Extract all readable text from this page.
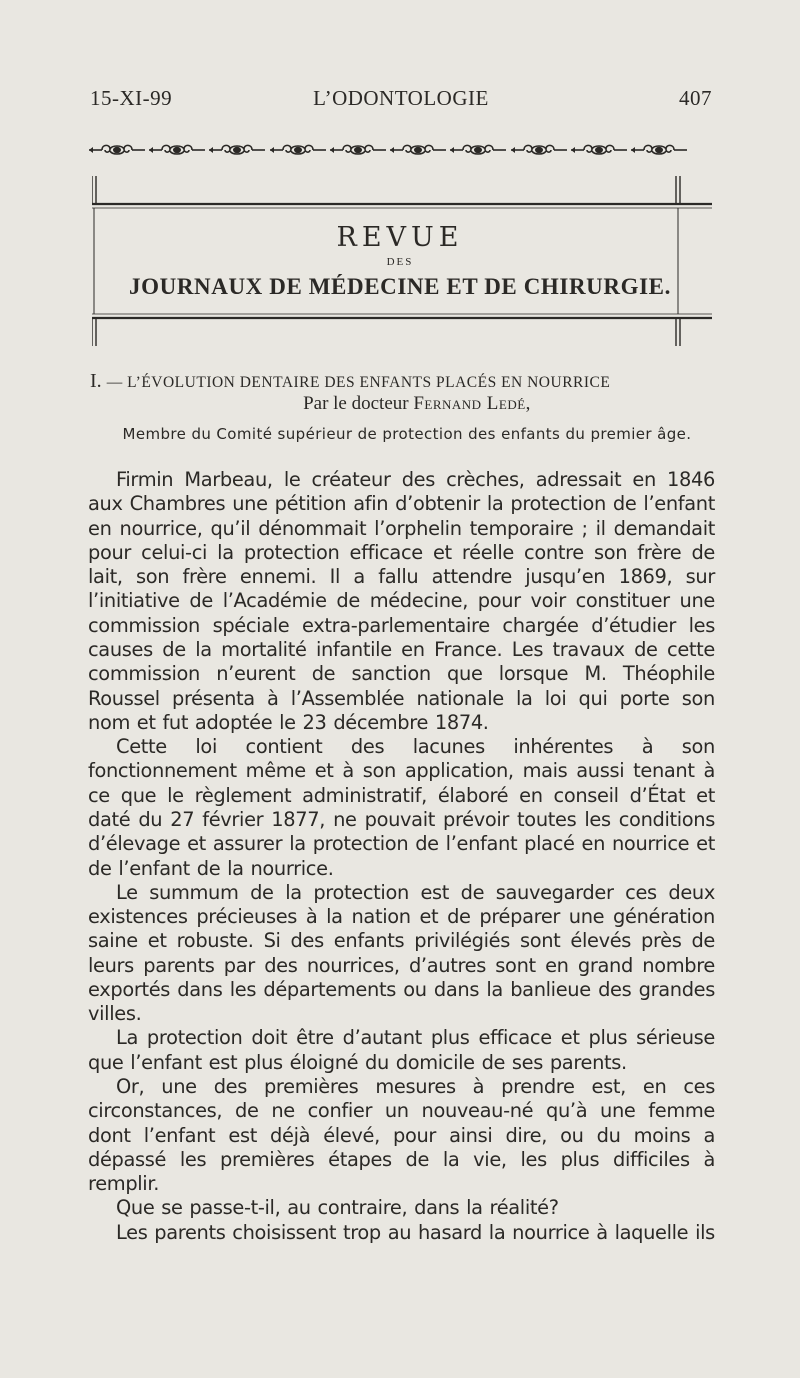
15-XI-99	L’ODONTOLOGIE	407
REVUE
DES
JOURNAUX DE MÉDECINE ET DE CHIRURGIE.
I. — L’ÉVOLUTION DENTAIRE DES ENFANTS PLACÉS EN NOURRICE
Par le docteur Fernand Ledé,
Membre du Comité supérieur de protection des enfants du premier âge.

Firmin Marbeau, le créateur des crèches, adressait en 1846 aux Chambres une pétition afin d’obtenir la protection de l’enfant en nourrice, qu’il dénommait l’orphelin temporaire ; il demandait pour celui-ci la protection efficace et réelle contre son frère de lait, son frère ennemi. Il a fallu attendre jusqu’en 1869, sur l’initiative de l’Académie de médecine, pour voir constituer une commission spéciale extra-parlementaire chargée d’étudier les causes de la mortalité infantile en France. Les travaux de cette commission n’eurent de sanction que lorsque M. Théophile Roussel présenta à l’Assemblée nationale la loi qui porte son nom et fut adoptée le 23 décembre 1874.

Cette loi contient des lacunes inhérentes à son fonctionnement même et à son application, mais aussi tenant à ce que le règlement administratif, élaboré en conseil d’État et daté du 27 février 1877, ne pouvait prévoir toutes les conditions d’élevage et assurer la protection de l’enfant placé en nourrice et de l’enfant de la nourrice.

Le summum de la protection est de sauvegarder ces deux existences précieuses à la nation et de préparer une génération saine et robuste. Si des enfants privilégiés sont élevés près de leurs parents par des nourrices, d’autres sont en grand nombre exportés dans les départements ou dans la banlieue des grandes villes.

La protection doit être d’autant plus efficace et plus sérieuse que l’enfant est plus éloigné du domicile de ses parents.

Or, une des premières mesures à prendre est, en ces circonstances, de ne confier un nouveau-né qu’à une femme dont l’enfant est déjà élevé, pour ainsi dire, ou du moins a dépassé les premières étapes de la vie, les plus difficiles à remplir.

Que se passe-t-il, au contraire, dans la réalité?

Les parents choisissent trop au hasard la nourrice à laquelle ils
